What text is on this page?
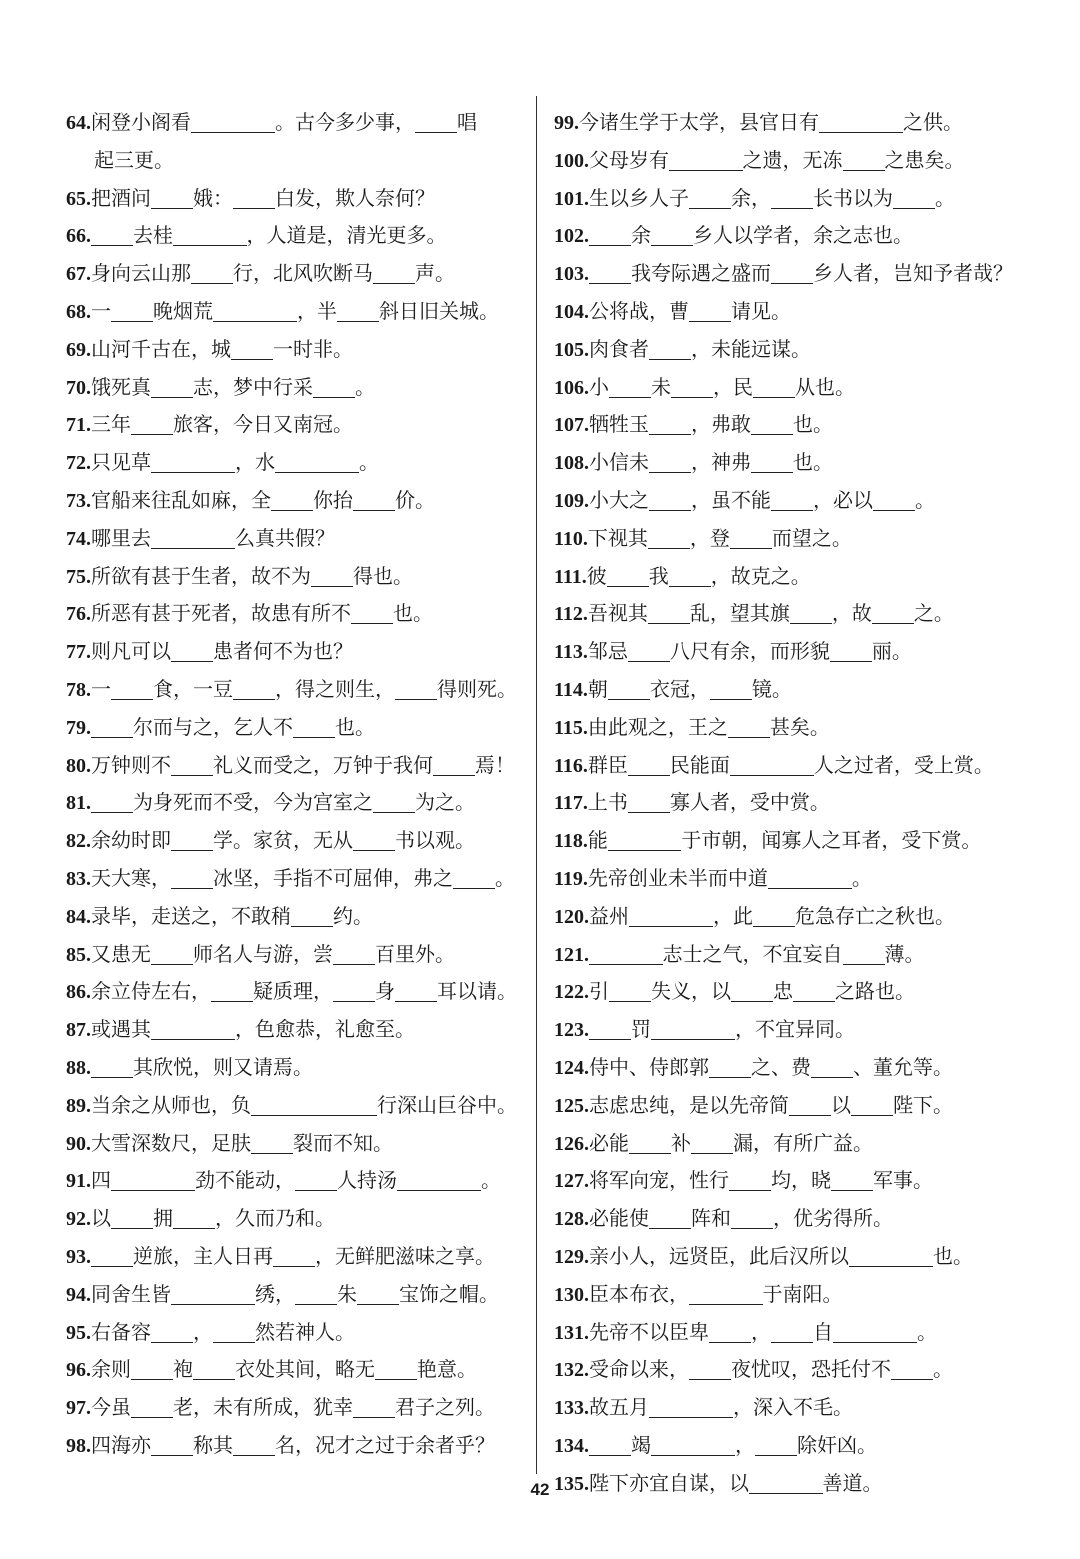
64.闲登小阁看	。古今多少事， 唱
起三更。
65.把酒问 娥： 白发，欺人奈何？
66. 去桂	，人道是，清光更多。
67.身向云山那 行，北风吹断马 声。
68.一 晚烟荒	，半 斜日旧关城。
69.山河千古在，城 一时非。
70.饿死真 志，梦中行采 。
71.三年 旅客，今日又南冠。
72.只见草	，水	。
73.官船来往乱如麻，全 你抬 价。
74.哪里去	么真共假？
75.所欲有甚于生者，故不为 得也。
76.所恶有甚于死者，故患有所不 也。
77.则凡可以 患者何不为也？
78.一 食，一豆 ，得之则生， 得则死。
79. 尔而与之，乞人不 也。
80.万钟则不 礼义而受之，万钟于我何 焉！
81. 为身死而不受，今为宫室之 为之。
82.余幼时即 学。家贫，无从 书以观。
83.天大寒， 冰坚，手指不可屈伸，弗之 。
84.录毕，走送之，不敢稍 约。
85.又患无 师名人与游，尝 百里外。
86.余立侍左右， 疑质理， 身 耳以请。
87.或遇其	，色愈恭，礼愈至。
88. 其欣悦，则又请焉。
89.当余之从师也，负	行深山巨谷中。
90.大雪深数尺，足肤 裂而不知。
91.四	劲不能动， 人持汤	。
92.以 拥 ，久而乃和。
93. 逆旅，主人日再 ，无鲜肥滋味之享。
94.同舍生皆	绣， 朱 宝饰之帽。
95.右备容 ， 然若神人。
96.余则 袍 衣处其间，略无 艳意。
97.今虽 老，未有所成，犹幸 君子之列。
98.四海亦 称其 名，况才之过于余者乎？
99.今诸生学于太学，县官日有	之供。
100.父母岁有	之遗，无冻 之患矣。
101.生以乡人子 余， 长书以为 。
102. 余 乡人以学者，余之志也。
103. 我夸际遇之盛而 乡人者，岂知予者哉？
104.公将战，曹 请见。
105.肉食者 ，未能远谋。
106.小 未 ，民 从也。
107.牺牲玉 ，弗敢 也。
108.小信未 ，神弗 也。
109.小大之 ，虽不能 ，必以 。
110.下视其 ，登 而望之。
111.彼 我 ，故克之。
112.吾视其 乱，望其旗 ，故 之。
113.邹忌 八尺有余，而形貌 丽。
114.朝 衣冠， 镜。
115.由此观之，王之 甚矣。
116.群臣 民能面	人之过者，受上赏。
117.上书 寡人者，受中赏。
118.能	于市朝，闻寡人之耳者，受下赏。
119.先帝创业未半而中道	。
120.益州	，此 危急存亡之秋也。
121.	志士之气，不宜妄自 薄。
122.引 失义，以 忠 之路也。
123. 罚	，不宜异同。
124.侍中、侍郎郭 之、费 、董允等。
125.志虑忠纯，是以先帝简 以 陛下。
126.必能 补 漏，有所广益。
127.将军向宠，性行 均，晓 军事。
128.必能使 阵和 ，优劣得所。
129.亲小人，远贤臣，此后汉所以	也。
130.臣本布衣，	于南阳。
131.先帝不以臣卑 ， 自	。
132.受命以来， 夜忧叹，恐托付不 。
133.故五月	，深入不毛。
134. 竭	， 除奸凶。
135.陛下亦宜自谋，以	善道。
42
